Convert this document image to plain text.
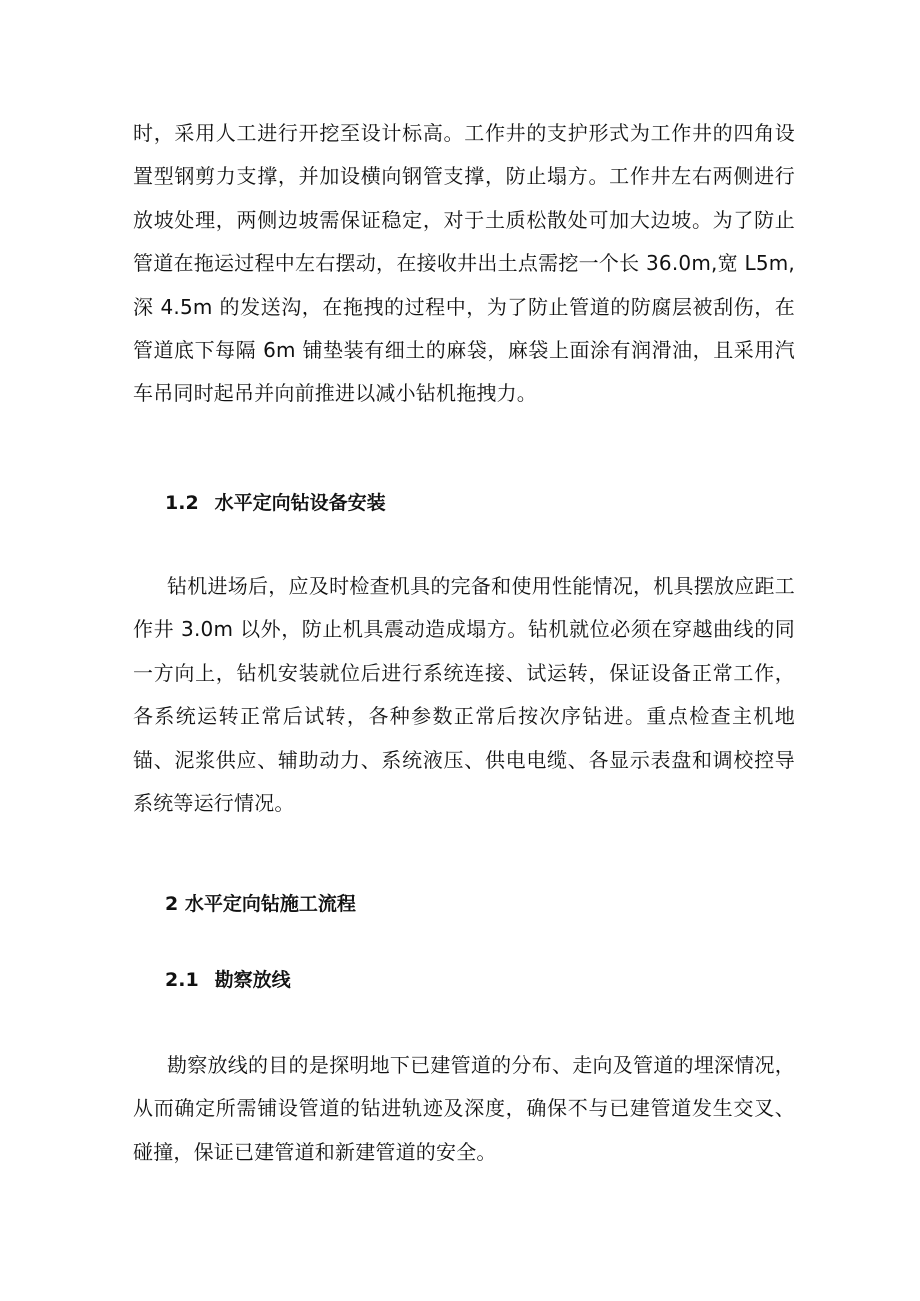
时，采用人工进行开挖至设计标高。工作井的支护形式为工作井的四角设置型钢剪力支撑，并加设横向钢管支撑，防止塌方。工作井左右两侧进行放坡处理，两侧边坡需保证稳定，对于土质松散处可加大边坡。为了防止管道在拖运过程中左右摆动，在接收井出土点需挖一个长 36.0m,宽 L5m,深 4.5m 的发送沟，在拖拽的过程中，为了防止管道的防腐层被刮伤，在管道底下每隔 6m 铺垫装有细土的麻袋，麻袋上面涂有润滑油，且采用汽车吊同时起吊并向前推进以减小钻机拖拽力。

1.2 水平定向钻设备安装

钻机进场后，应及时检查机具的完备和使用性能情况，机具摆放应距工作井 3.0m 以外，防止机具震动造成塌方。钻机就位必须在穿越曲线的同一方向上，钻机安装就位后进行系统连接、试运转，保证设备正常工作，各系统运转正常后试转，各种参数正常后按次序钻进。重点检查主机地锚、泥浆供应、辅助动力、系统液压、供电电缆、各显示表盘和调校控导系统等运行情况。

2 水平定向钻施工流程
2.1 勘察放线

勘察放线的目的是探明地下已建管道的分布、走向及管道的埋深情况，从而确定所需铺设管道的钻进轨迹及深度，确保不与已建管道发生交叉、碰撞，保证已建管道和新建管道的安全。
